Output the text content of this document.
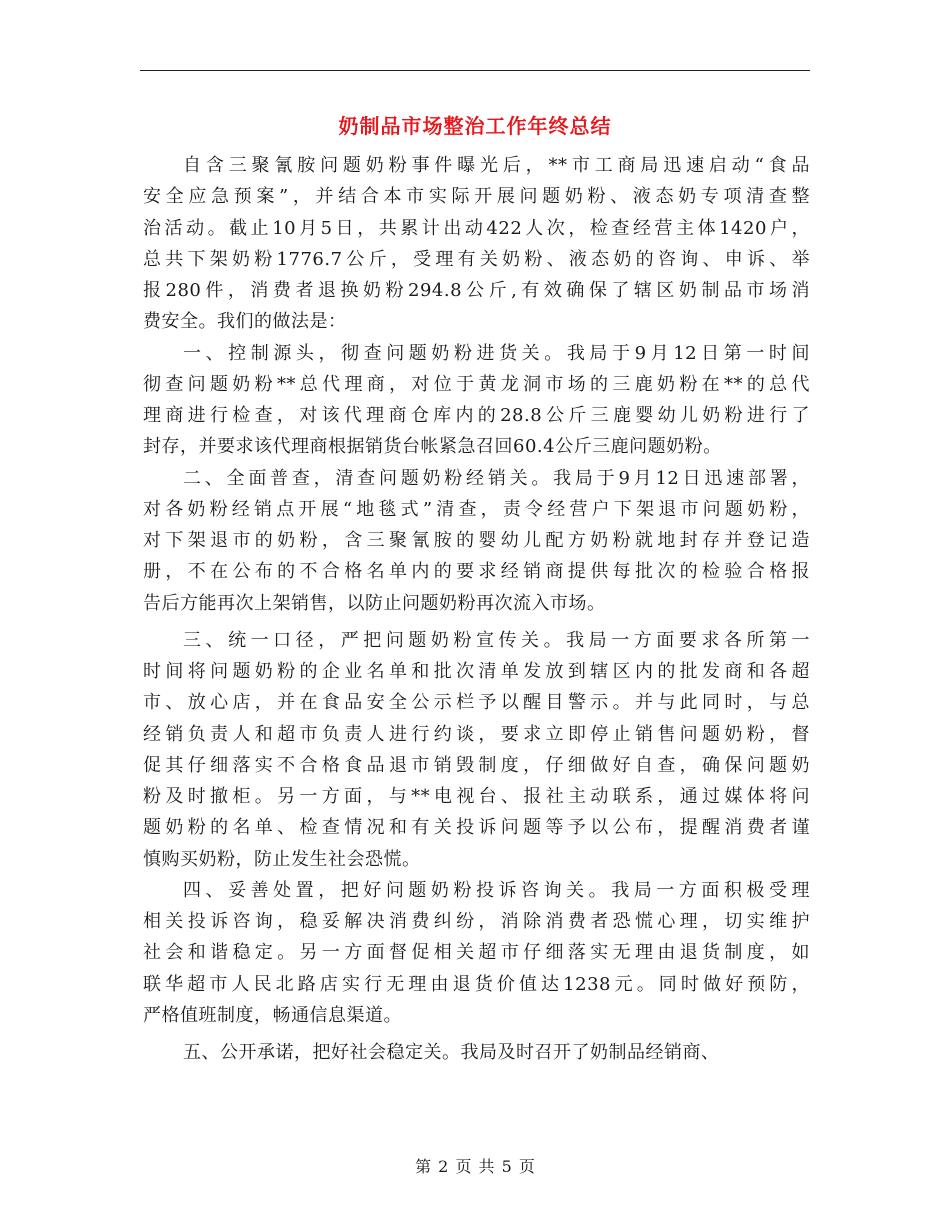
奶制品市场整治工作年终总结
自含三聚氰胺问题奶粉事件曝光后，**市工商局迅速启动“食品
安全应急预案”，并结合本市实际开展问题奶粉、液态奶专项清查整
治活动。截止10月5日，共累计出动422人次，检查经营主体1420户，
总共下架奶粉1776.7公斤，受理有关奶粉、液态奶的咨询、申诉、举
报280件，消费者退换奶粉294.8公斤,有效确保了辖区奶制品市场消
费安全。我们的做法是：
一、控制源头，彻查问题奶粉进货关。我局于9月12日第一时间
彻查问题奶粉**总代理商，对位于黄龙洞市场的三鹿奶粉在**的总代
理商进行检查，对该代理商仓库内的28.8公斤三鹿婴幼儿奶粉进行了
封存，并要求该代理商根据销货台帐紧急召回60.4公斤三鹿问题奶粉。
二、全面普查，清查问题奶粉经销关。我局于9月12日迅速部署，
对各奶粉经销点开展“地毯式”清查，责令经营户下架退市问题奶粉，
对下架退市的奶粉，含三聚氰胺的婴幼儿配方奶粉就地封存并登记造
册，不在公布的不合格名单内的要求经销商提供每批次的检验合格报
告后方能再次上架销售，以防止问题奶粉再次流入市场。
三、统一口径，严把问题奶粉宣传关。我局一方面要求各所第一
时间将问题奶粉的企业名单和批次清单发放到辖区内的批发商和各超
市、放心店，并在食品安全公示栏予以醒目警示。并与此同时，与总
经销负责人和超市负责人进行约谈，要求立即停止销售问题奶粉，督
促其仔细落实不合格食品退市销毁制度，仔细做好自查，确保问题奶
粉及时撤柜。另一方面，与**电视台、报社主动联系，通过媒体将问
题奶粉的名单、检查情况和有关投诉问题等予以公布，提醒消费者谨
慎购买奶粉，防止发生社会恐慌。
四、妥善处置，把好问题奶粉投诉咨询关。我局一方面积极受理
相关投诉咨询，稳妥解决消费纠纷，消除消费者恐慌心理，切实维护
社会和谐稳定。另一方面督促相关超市仔细落实无理由退货制度，如
联华超市人民北路店实行无理由退货价值达1238元。同时做好预防，
严格值班制度，畅通信息渠道。
五、公开承诺，把好社会稳定关。我局及时召开了奶制品经销商、
第 2 页 共 5 页
